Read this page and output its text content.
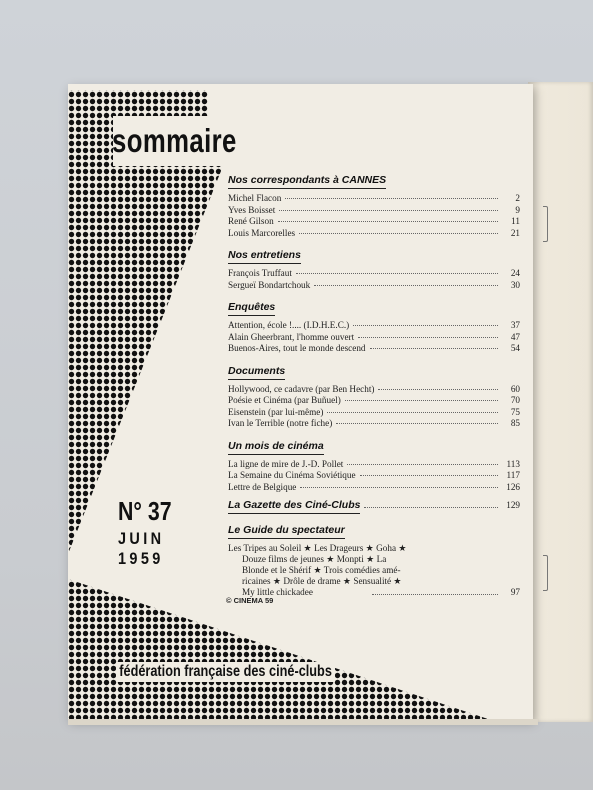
sommaire
Nos correspondants à CANNES
Michel Flacon	2
Yves Boisset	9
René Gilson	11
Louis Marcorelles	21
Nos entretiens
François Truffaut	24
Sergueï Bondartchouk	30
Enquêtes
Attention, école !.... (I.D.H.E.C.)	37
Alain Gheerbrant, l'homme ouvert	47
Buenos-Aires, tout le monde descend	54
Documents
Hollywood, ce cadavre (par Ben Hecht)	60
Poésie et Cinéma (par Buñuel)	70
Eisenstein (par lui-même)	75
Ivan le Terrible (notre fiche)	85
Un mois de cinéma
La ligne de mire de J.-D. Pollet	113
La Semaine du Cinéma Soviétique	117
Lettre de Belgique	126
La Gazette des Ciné-Clubs	129
Le Guide du spectateur
Les Tripes au Soleil ★ Les Drageurs ★ Goha ★
Douze films de jeunes ★ Monpti ★ La
Blonde et le Shérif ★ Trois comédies amé-
ricaines ★ Drôle de drame ★ Sensualité ★
My little chickadee	97
N° 37
JUIN
1959
© CINEMA 59
fédération française des ciné-clubs
